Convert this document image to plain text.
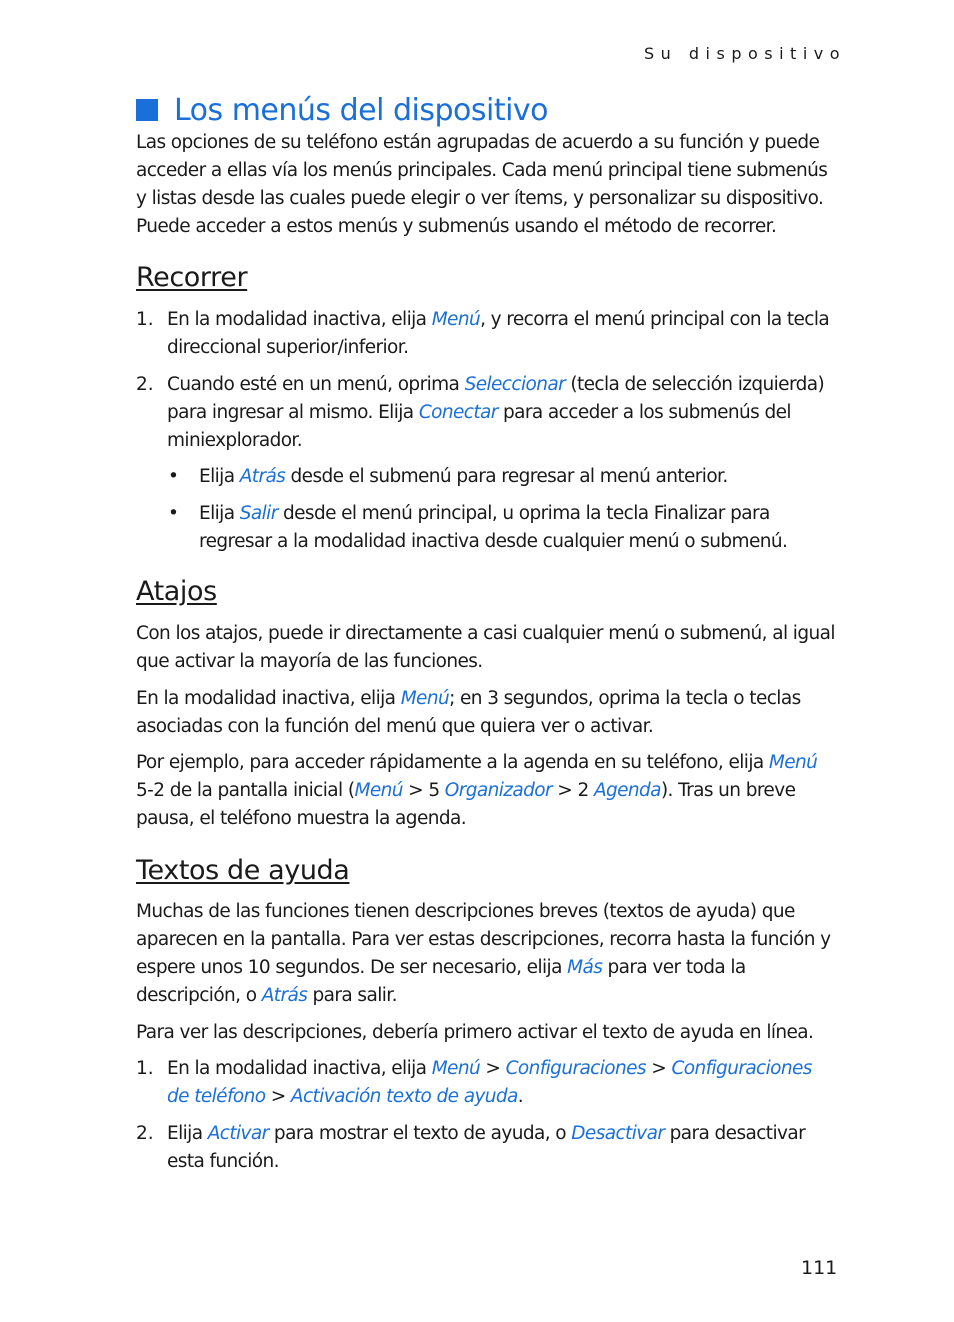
Su dispositivo
Los menús del dispositivo
Las opciones de su teléfono están agrupadas de acuerdo a su función y puede acceder a ellas vía los menús principales. Cada menú principal tiene submenús y listas desde las cuales puede elegir o ver ítems, y personalizar su dispositivo. Puede acceder a estos menús y submenús usando el método de recorrer.
Recorrer
1. En la modalidad inactiva, elija Menú, y recorra el menú principal con la tecla direccional superior/inferior.
2. Cuando esté en un menú, oprima Seleccionar (tecla de selección izquierda) para ingresar al mismo. Elija Conectar para acceder a los submenús del miniexplorador.
• Elija Atrás desde el submenú para regresar al menú anterior.
• Elija Salir desde el menú principal, u oprima la tecla Finalizar para regresar a la modalidad inactiva desde cualquier menú o submenú.
Atajos
Con los atajos, puede ir directamente a casi cualquier menú o submenú, al igual que activar la mayoría de las funciones.
En la modalidad inactiva, elija Menú; en 3 segundos, oprima la tecla o teclas asociadas con la función del menú que quiera ver o activar.
Por ejemplo, para acceder rápidamente a la agenda en su teléfono, elija Menú 5-2 de la pantalla inicial (Menú > 5 Organizador > 2 Agenda). Tras un breve pausa, el teléfono muestra la agenda.
Textos de ayuda
Muchas de las funciones tienen descripciones breves (textos de ayuda) que aparecen en la pantalla. Para ver estas descripciones, recorra hasta la función y espere unos 10 segundos. De ser necesario, elija Más para ver toda la descripción, o Atrás para salir.
Para ver las descripciones, debería primero activar el texto de ayuda en línea.
1. En la modalidad inactiva, elija Menú > Configuraciones > Configuraciones de teléfono > Activación texto de ayuda.
2. Elija Activar para mostrar el texto de ayuda, o Desactivar para desactivar esta función.
111
